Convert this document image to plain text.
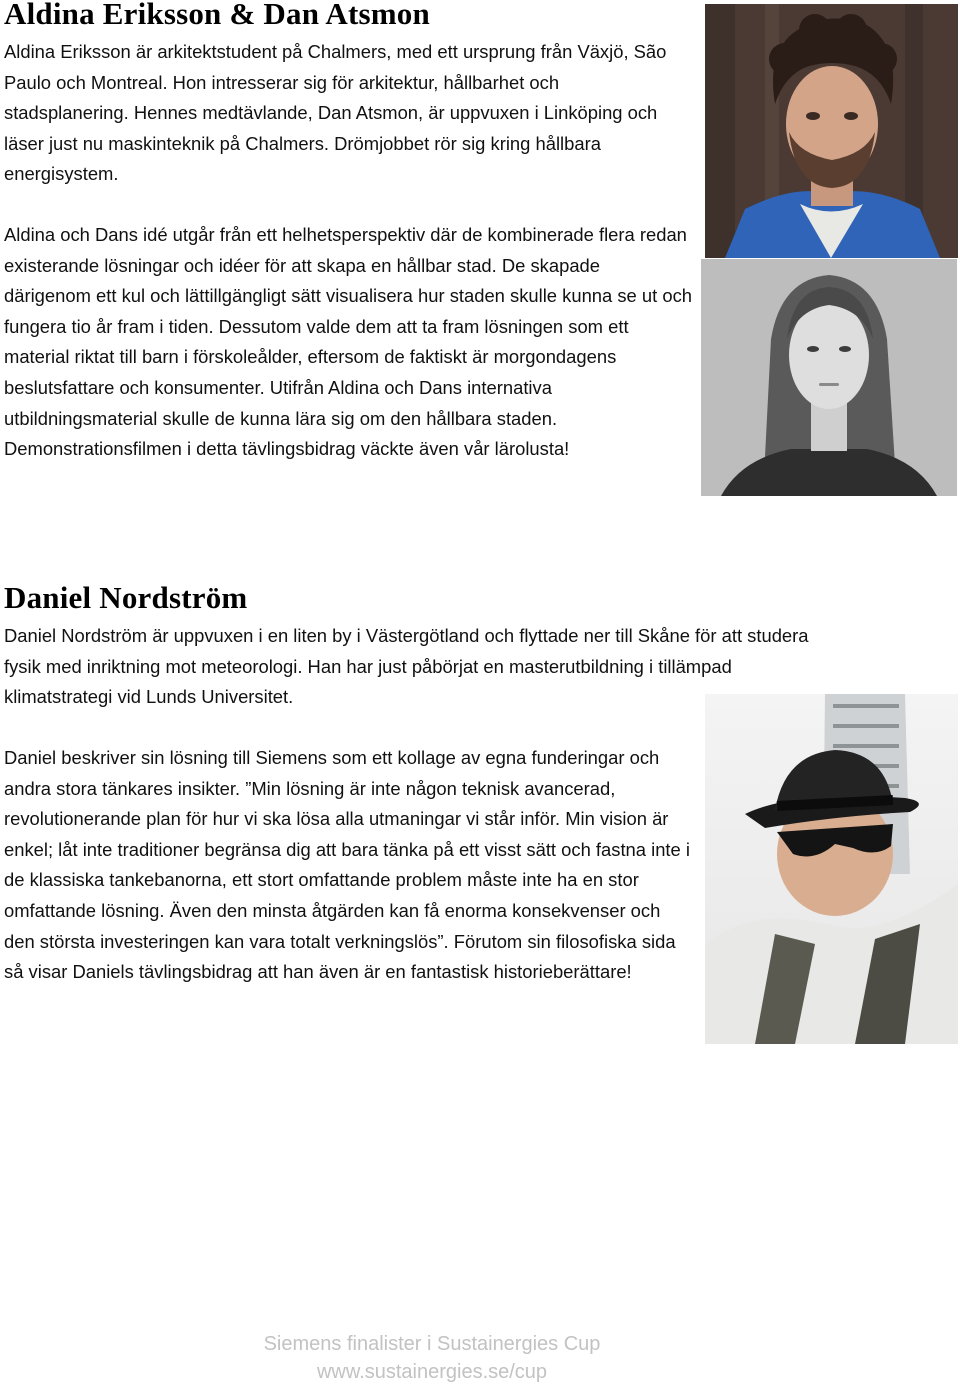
Aldina Eriksson & Dan Atsmon

Aldina Eriksson är arkitektstudent på Chalmers, med ett ursprung från Växjö, São Paulo och Montreal. Hon intresserar sig för arkitektur, hållbarhet och stadsplanering. Hennes medtävlande, Dan Atsmon, är uppvuxen i Linköping och läser just nu maskinteknik på Chalmers. Drömjobbet rör sig kring hållbara energisystem.

Aldina och Dans idé utgår från ett helhetsperspektiv där de kombinerade flera redan existerande lösningar och idéer för att skapa en hållbar stad. De skapade därigenom ett kul och lättillgängligt sätt visualisera hur staden skulle kunna se ut och fungera tio år fram i tiden. Dessutom valde dem att ta fram lösningen som ett material riktat till barn i förskoleålder, eftersom de faktiskt är morgondagens beslutsfattare och konsumenter. Utifrån Aldina och Dans internativa utbildningsmaterial skulle de kunna lära sig om den hållbara staden. Demonstrationsfilmen i detta tävlingsbidrag väckte även vår lärolusta!

Daniel Nordström

Daniel Nordström är uppvuxen i en liten by i Västergötland och flyttade ner till Skåne för att studera fysik med inriktning mot meteorologi. Han har just påbörjat en masterutbildning i tillämpad klimatstrategi vid Lunds Universitet.

Daniel beskriver sin lösning till Siemens som ett kollage av egna funderingar och andra stora tänkares insikter. ”Min lösning är inte någon teknisk avancerad, revolutionerande plan för hur vi ska lösa alla utmaningar vi står inför. Min vision är enkel; låt inte traditioner begränsa dig att bara tänka på ett visst sätt och fastna inte i de klassiska tankebanorna, ett stort omfattande problem måste inte ha en stor omfattande lösning. Även den minsta åtgärden kan få enorma konsekvenser och den största investeringen kan vara totalt verkningslös”. Förutom sin filosofiska sida så visar Daniels tävlingsbidrag att han även är en fantastisk historieberättare!

Siemens finalister i Sustainergies Cup
www.sustainergies.se/cup
